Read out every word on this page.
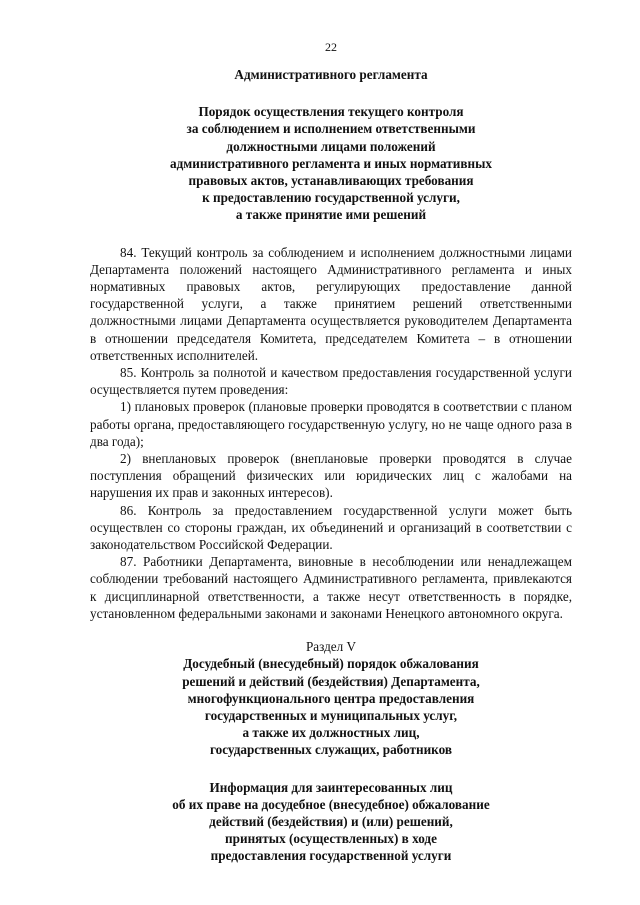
22
Административного регламента
Порядок осуществления текущего контроля
за соблюдением и исполнением ответственными
должностными лицами положений
административного регламента и иных нормативных
правовых актов, устанавливающих требования
к предоставлению государственной услуги,
а также принятие ими решений

84. Текущий контроль за соблюдением и исполнением должностными лицами Департамента положений настоящего Административного регламента и иных нормативных правовых актов, регулирующих предоставление данной государственной услуги, а также принятием решений ответственными должностными лицами Департамента осуществляется руководителем Департамента в отношении председателя Комитета, председателем Комитета – в отношении ответственных исполнителей.

85. Контроль за полнотой и качеством предоставления государственной услуги осуществляется путем проведения:

1) плановых проверок (плановые проверки проводятся в соответствии с планом работы органа, предоставляющего государственную услугу, но не чаще одного раза в два года);

2) внеплановых проверок (внеплановые проверки проводятся в случае поступления обращений физических или юридических лиц с жалобами на нарушения их прав и законных интересов).

86. Контроль за предоставлением государственной услуги может быть осуществлен со стороны граждан, их объединений и организаций в соответствии с законодательством Российской Федерации.

87. Работники Департамента, виновные в несоблюдении или ненадлежащем соблюдении требований настоящего Административного регламента, привлекаются к дисциплинарной ответственности, а также несут ответственность в порядке, установленном федеральными законами и законами Ненецкого автономного округа.

Раздел V
Досудебный (внесудебный) порядок обжалования
решений и действий (бездействия) Департамента,
многофункционального центра предоставления
государственных и муниципальных услуг,
а также их должностных лиц,
государственных служащих, работников
Информация для заинтересованных лиц
об их праве на досудебное (внесудебное) обжалование
действий (бездействия) и (или) решений,
принятых (осуществленных) в ходе
предоставления государственной услуги
